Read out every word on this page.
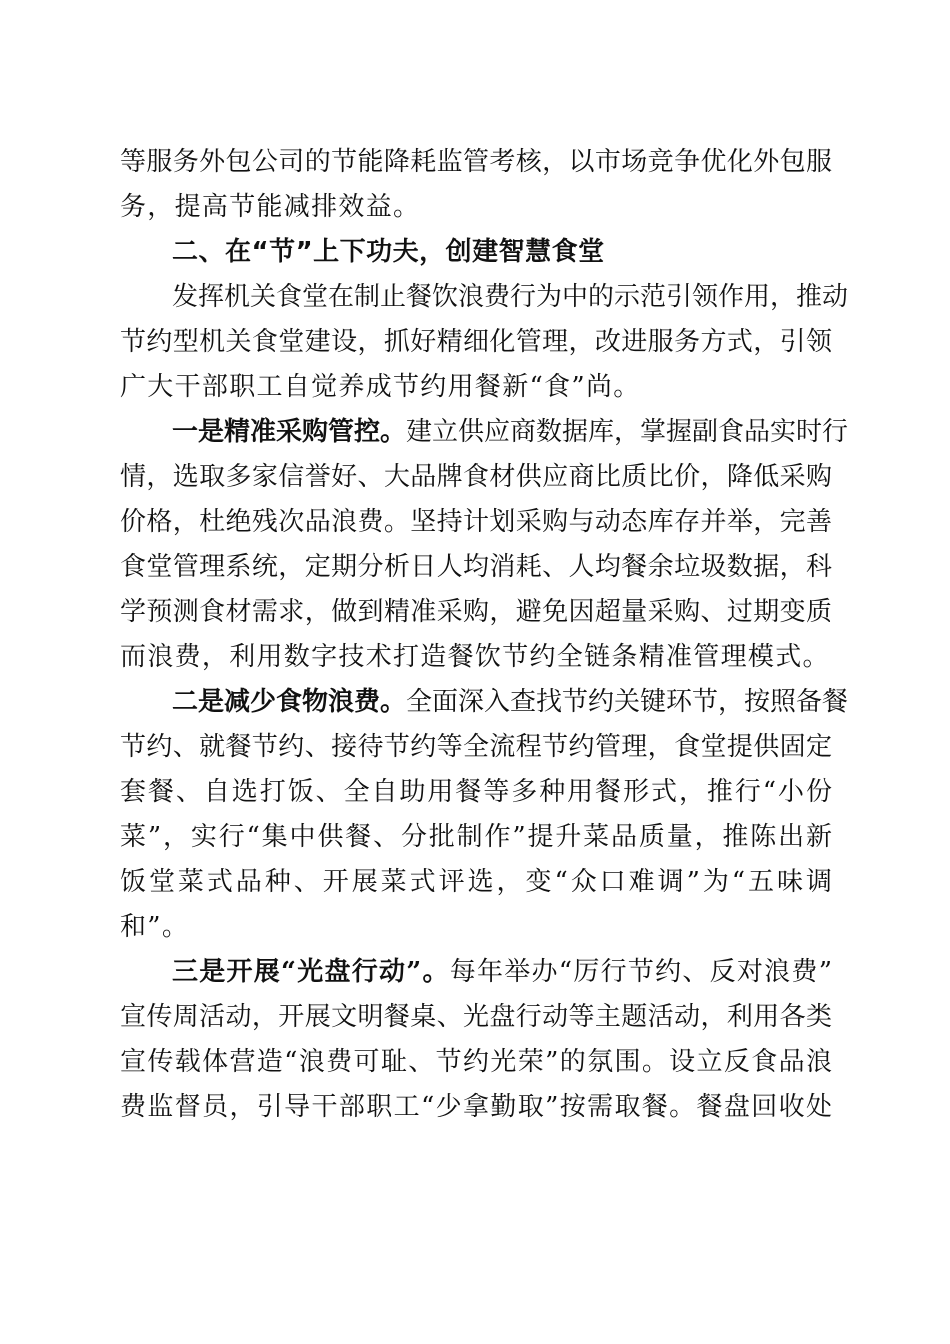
等服务外包公司的节能降耗监管考核，以市场竞争优化外包服
务，提高节能减排效益。
二、在“节”上下功夫，创建智慧食堂
发挥机关食堂在制止餐饮浪费行为中的示范引领作用，推动
节约型机关食堂建设，抓好精细化管理，改进服务方式，引领
广大干部职工自觉养成节约用餐新“食”尚。
一是精准采购管控。建立供应商数据库，掌握副食品实时行
情，选取多家信誉好、大品牌食材供应商比质比价，降低采购
价格，杜绝残次品浪费。坚持计划采购与动态库存并举，完善
食堂管理系统，定期分析日人均消耗、人均餐余垃圾数据，科
学预测食材需求，做到精准采购，避免因超量采购、过期变质
而浪费，利用数字技术打造餐饮节约全链条精准管理模式。
二是减少食物浪费。全面深入查找节约关键环节，按照备餐
节约、就餐节约、接待节约等全流程节约管理，食堂提供固定
套餐、自选打饭、全自助用餐等多种用餐形式，推行“小份
菜”，实行“集中供餐、分批制作”提升菜品质量，推陈出新
饭堂菜式品种、开展菜式评选，变“众口难调”为“五味调
和”。
三是开展“光盘行动”。每年举办“厉行节约、反对浪费”
宣传周活动，开展文明餐桌、光盘行动等主题活动，利用各类
宣传载体营造“浪费可耻、节约光荣”的氛围。设立反食品浪
费监督员，引导干部职工“少拿勤取”按需取餐。餐盘回收处
